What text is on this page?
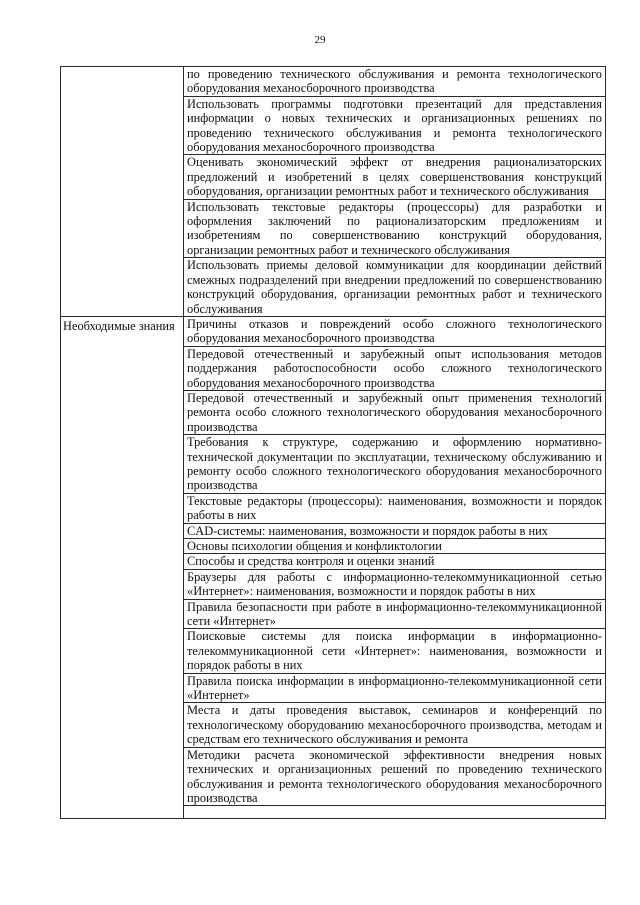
29
	по проведению технического обслуживания и ремонта технологического оборудования механосборочного производства
	Использовать программы подготовки презентаций для представления информации о новых технических и организационных решениях по проведению технического обслуживания и ремонта технологического оборудования механосборочного производства
	Оценивать экономический эффект от внедрения рационализаторских предложений и изобретений в целях совершенствования конструкций оборудования, организации ремонтных работ и технического обслуживания
	Использовать текстовые редакторы (процессоры) для разработки и оформления заключений по рационализаторским предложениям и изобретениям по совершенствованию конструкций оборудования, организации ремонтных работ и технического обслуживания
	Использовать приемы деловой коммуникации для координации действий смежных подразделений при внедрении предложений по совершенствованию конструкций оборудования, организации ремонтных работ и технического обслуживания
Необходимые знания	Причины отказов и повреждений особо сложного технологического оборудования механосборочного производства
	Передовой отечественный и зарубежный опыт использования методов поддержания работоспособности особо сложного технологического оборудования механосборочного производства
	Передовой отечественный и зарубежный опыт применения технологий ремонта особо сложного технологического оборудования механосборочного производства
	Требования к структуре, содержанию и оформлению нормативно-технической документации по эксплуатации, техническому обслуживанию и ремонту особо сложного технологического оборудования механосборочного производства
	Текстовые редакторы (процессоры): наименования, возможности и порядок работы в них
	CAD-системы: наименования, возможности и порядок работы в них
	Основы психологии общения и конфликтологии
	Способы и средства контроля и оценки знаний
	Браузеры для работы с информационно-телекоммуникационной сетью «Интернет»: наименования, возможности и порядок работы в них
	Правила безопасности при работе в информационно-телекоммуникационной сети «Интернет»
	Поисковые системы для поиска информации в информационно-телекоммуникационной сети «Интернет»: наименования, возможности и порядок работы в них
	Правила поиска информации в информационно-телекоммуникационной сети «Интернет»
	Места и даты проведения выставок, семинаров и конференций по технологическому оборудованию механосборочного производства, методам и средствам его технического обслуживания и ремонта
	Методики расчета экономической эффективности внедрения новых технических и организационных решений по проведению технического обслуживания и ремонта технологического оборудования механосборочного производства
